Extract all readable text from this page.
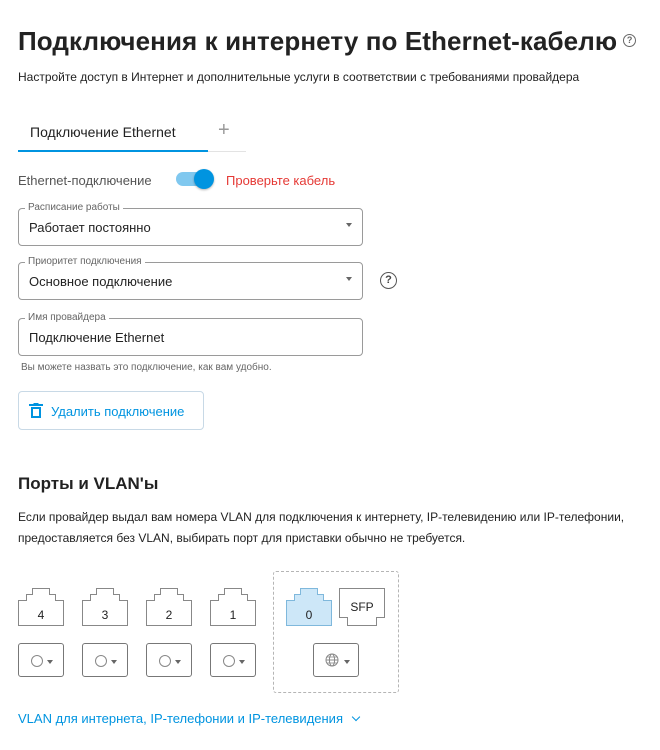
Подключения к интернету по Ethernet-кабелю ?
Настройте доступ в Интернет и дополнительные услуги в соответствии с требованиями провайдера
Подключение Ethernet +
Ethernet-подключение	Проверьте кабель
Расписание работы
Работает постоянно
Приоритет подключения
Основное подключение	?
Имя провайдера
Подключение Ethernet
Вы можете назвать это подключение, как вам удобно.
Удалить подключение
Порты и VLAN'ы
Если провайдер выдал вам номера VLAN для подключения к интернету, IP-телевидению или IP-телефонии,
предоставляется без VLAN, выбирать порт для приставки обычно не требуется.
4	3	2	1	0
SFP
VLAN для интернета, IP-телефонии и IP-телевидения
